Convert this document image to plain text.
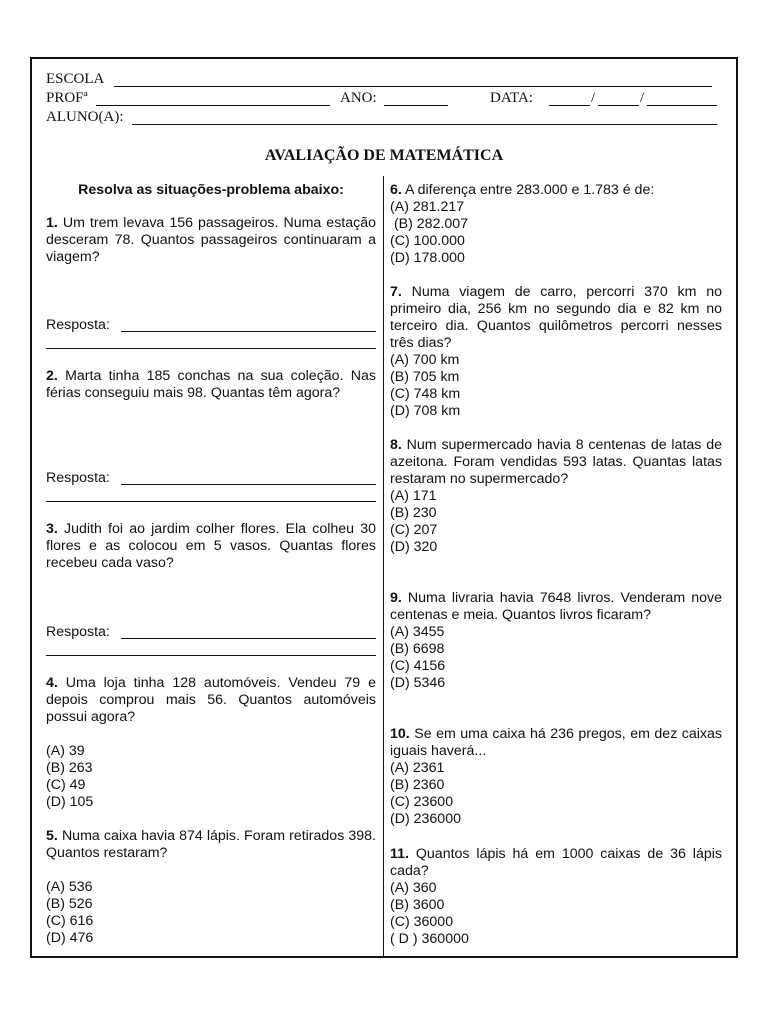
ESCOLA
PROFª	ANO:	DATA:	/	/
ALUNO(A):
AVALIAÇÃO DE MATEMÁTICA
Resolva as situações-problema abaixo:
1. Um trem levava 156 passageiros. Numa estação desceram 78. Quantos passageiros continuaram a viagem?
Resposta:
2. Marta tinha 185 conchas na sua coleção. Nas férias conseguiu mais 98. Quantas têm agora?
Resposta:
3. Judith foi ao jardim colher flores. Ela colheu 30 flores e as colocou em 5 vasos. Quantas flores recebeu cada vaso?
Resposta:
4. Uma loja tinha 128 automóveis. Vendeu 79 e depois comprou mais 56. Quantos automóveis possui agora?
(A) 39
(B) 263
(C) 49
(D) 105
5. Numa caixa havia 874 lápis. Foram retirados 398. Quantos restaram?
(A) 536
(B) 526
(C) 616
(D) 476
6. A diferença entre 283.000 e 1.783 é de:
(A) 281.217
(B) 282.007
(C) 100.000
(D) 178.000
7. Numa viagem de carro, percorri 370 km no primeiro dia, 256 km no segundo dia e 82 km no terceiro dia. Quantos quilômetros percorri nesses três dias?
(A) 700 km
(B) 705 km
(C) 748 km
(D) 708 km
8. Num supermercado havia 8 centenas de latas de azeitona. Foram vendidas 593 latas. Quantas latas restaram no supermercado?
(A) 171
(B) 230
(C) 207
(D) 320
9. Numa livraria havia 7648 livros. Venderam nove centenas e meia. Quantos livros ficaram?
(A) 3455
(B) 6698
(C) 4156
(D) 5346
10. Se em uma caixa há 236 pregos, em dez caixas iguais haverá...
(A) 2361
(B) 2360
(C) 23600
(D) 236000
11. Quantos lápis há em 1000 caixas de 36 lápis cada?
(A) 360
(B) 3600
(C) 36000
( D ) 360000
